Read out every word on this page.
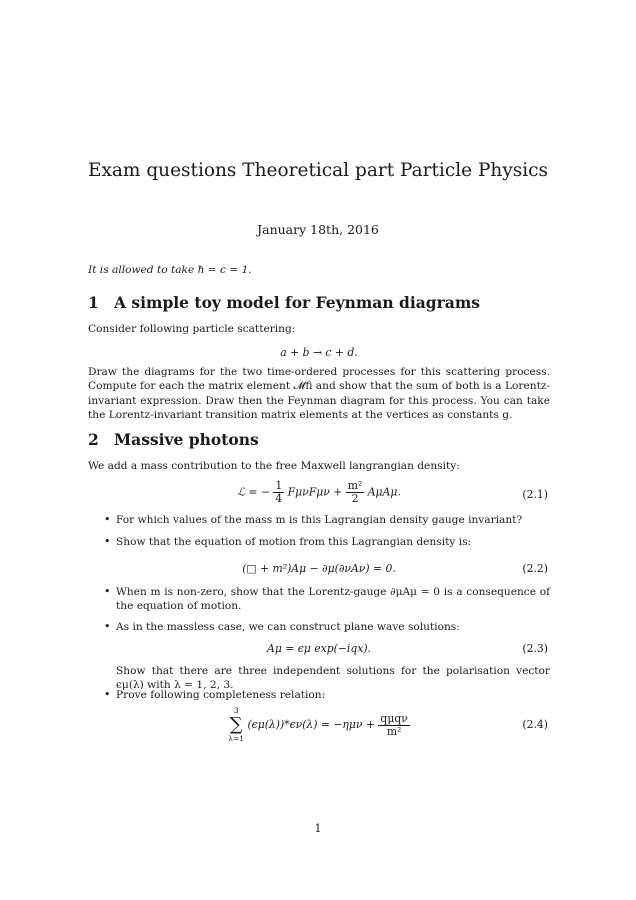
Exam questions Theoretical part Particle Physics
January 18th, 2016
It is allowed to take ħ = c = 1.
1 A simple toy model for Feynman diagrams
Consider following particle scattering:
a + b → c + d.
Draw the diagrams for the two time-ordered processes for this scattering process. Compute for each the matrix element 𝓜fi and show that the sum of both is a Lorentz-invariant expression. Draw then the Feynman diagram for this process. You can take the Lorentz-invariant transition matrix elements at the vertices as constants g.
2 Massive photons
We add a mass contribution to the free Maxwell langrangian density:
ℒ = − $\frac{1}{4}$ $F\mu\nu F\mu\nu + \frac{\text{m²}}{2} A\mu A\mu$.	(2.1)
• For which values of the mass m is this Lagrangian density gauge invariant?
• Show that the equation of motion from this Lagrangian density is:
(□ + m²)Aμ − ∂μ(∂νAν) = 0.	(2.2)
• When m is non-zero, show that the Lorentz-gauge ∂μAμ = 0 is a consequence of the equation of motion.
• As in the massless case, we can construct plane wave solutions:
Aμ = ϵμ exp(−iqx).	(2.3)
Show that there are three independent solutions for the polarisation vector ϵμ(λ) with λ = 1, 2, 3.
• Prove following completeness relation:
3
∑
λ=1
$(\epsilon\mu(\lambda))*\epsilon\nu(\lambda) = -\eta\mu\nu + \frac{\text{qμqν}}{\text{m²}}$	(2.4)
1
